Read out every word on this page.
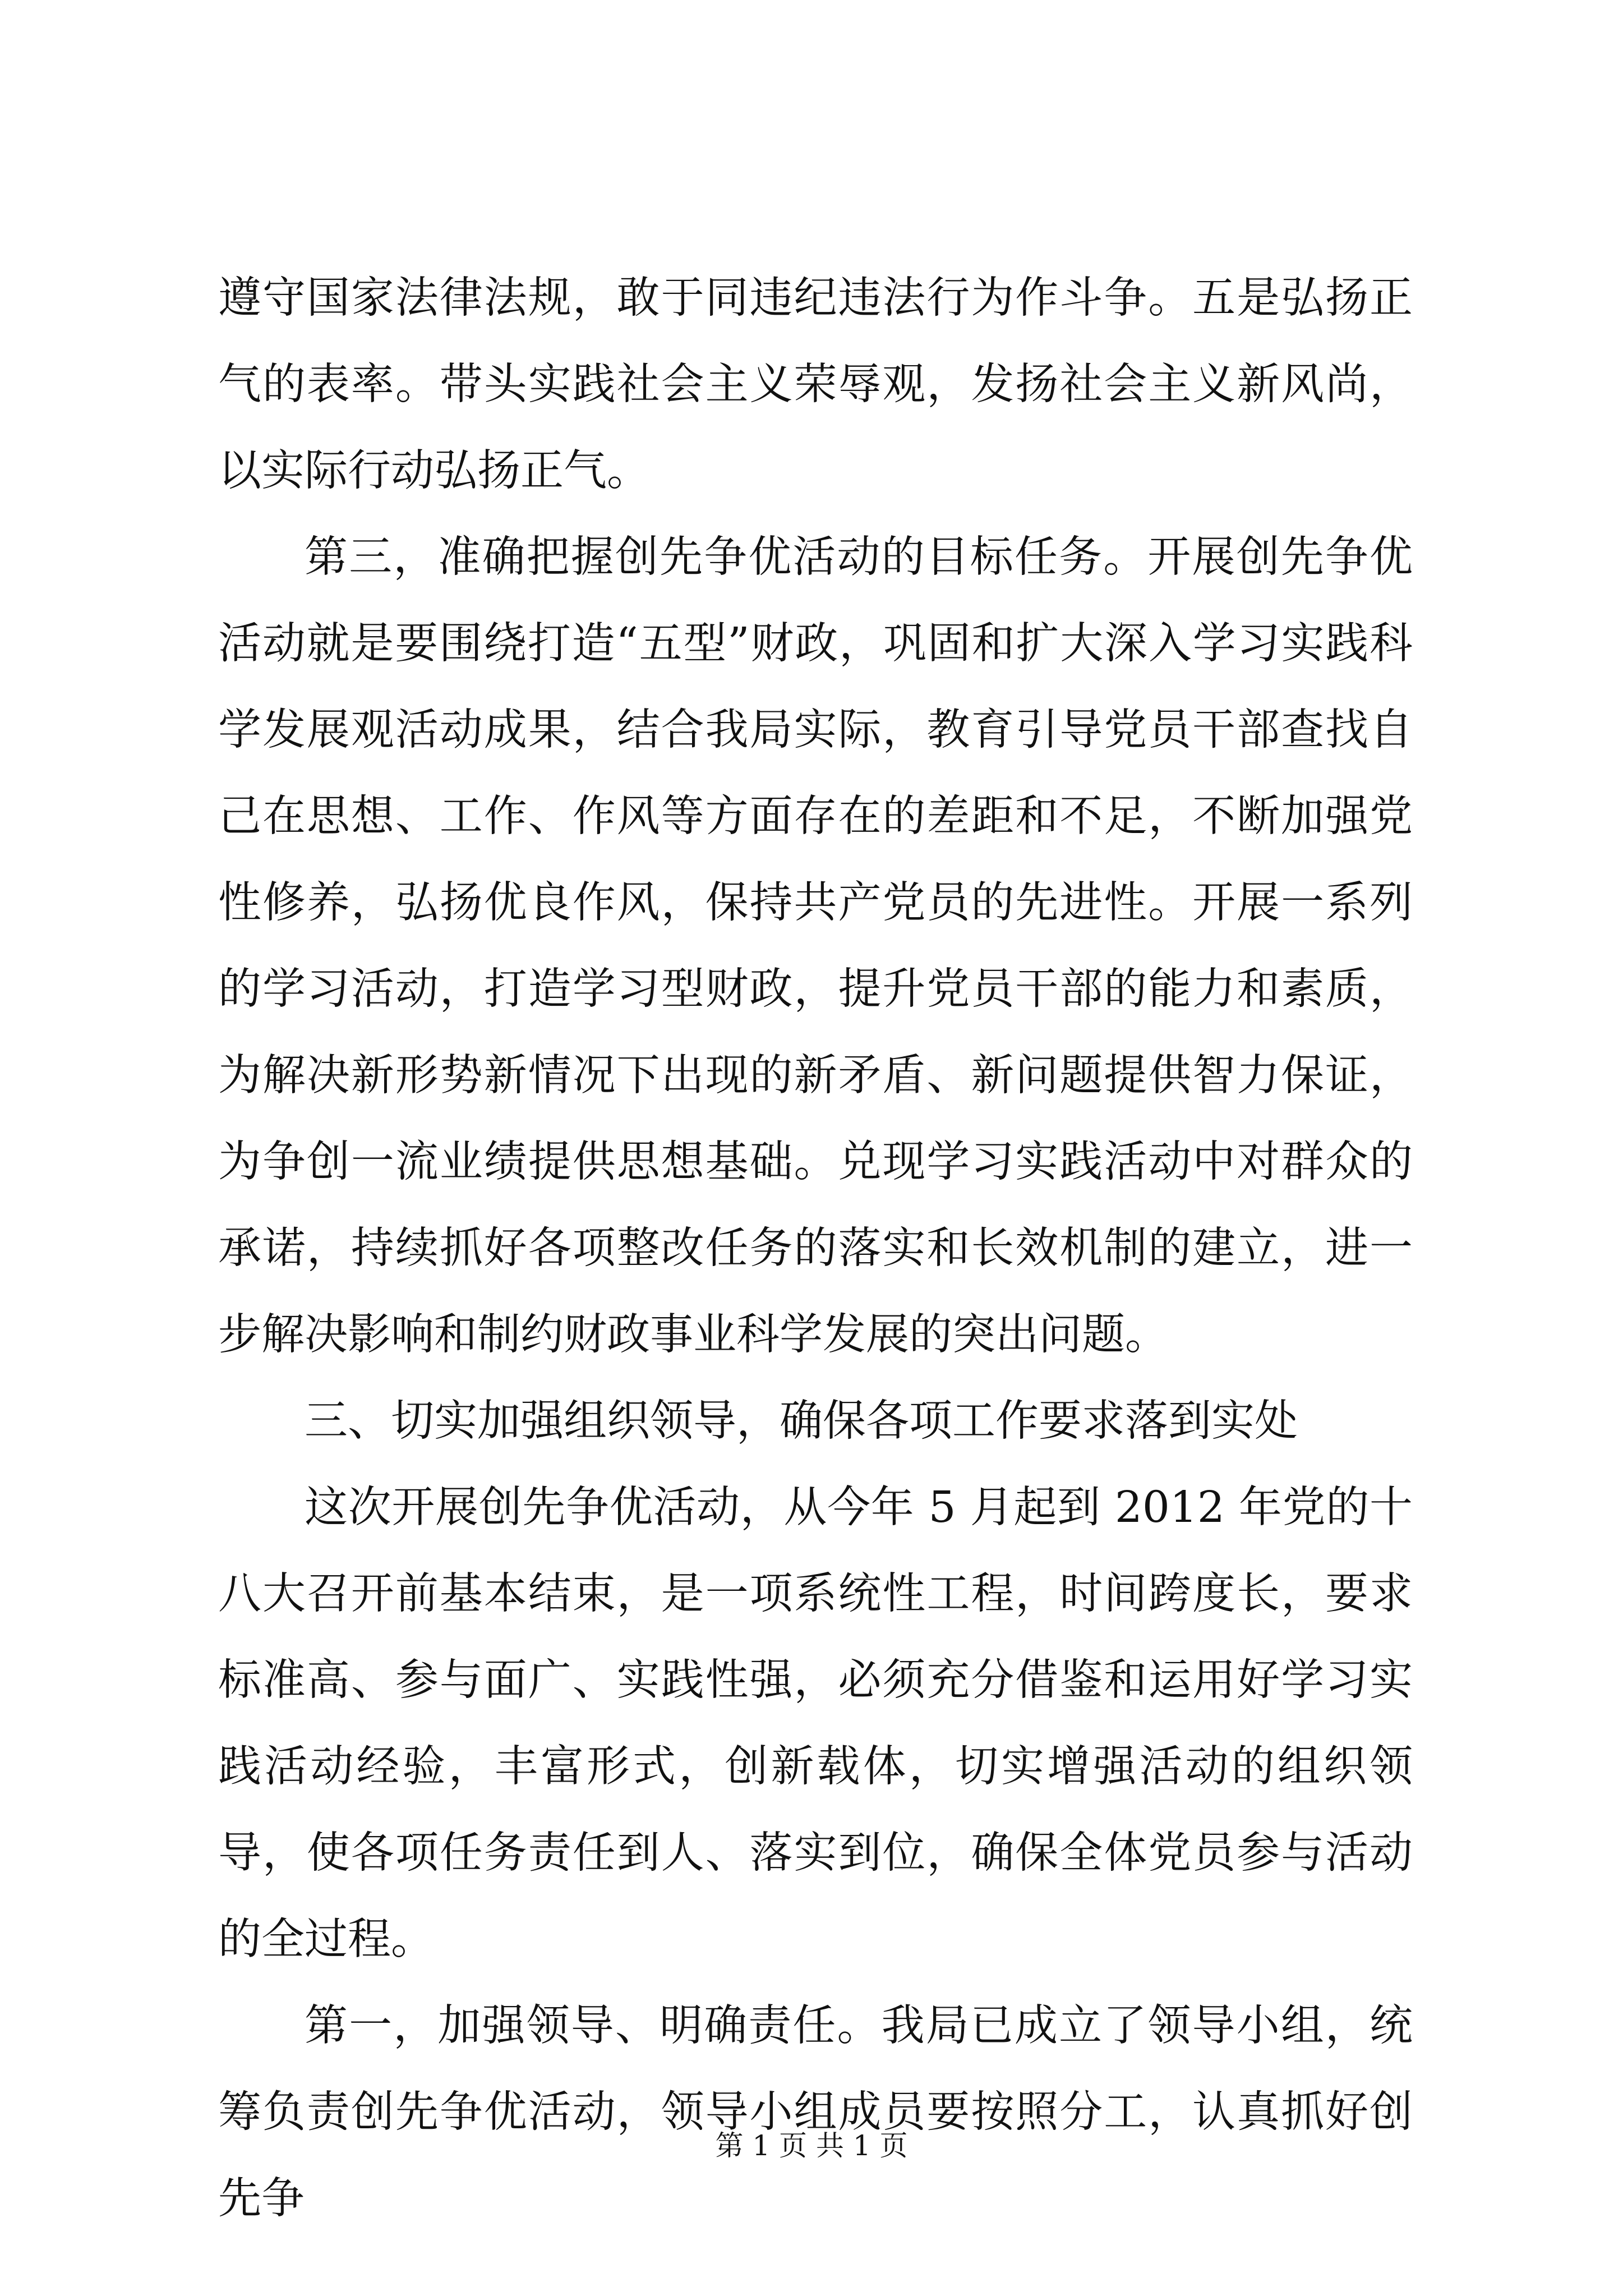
遵守国家法律法规，敢于同违纪违法行为作斗争。五是弘扬正气的表率。带头实践社会主义荣辱观，发扬社会主义新风尚，以实际行动弘扬正气。

第三，准确把握创先争优活动的目标任务。开展创先争优活动就是要围绕打造“五型”财政，巩固和扩大深入学习实践科学发展观活动成果，结合我局实际，教育引导党员干部查找自己在思想、工作、作风等方面存在的差距和不足，不断加强党性修养，弘扬优良作风，保持共产党员的先进性。开展一系列的学习活动，打造学习型财政，提升党员干部的能力和素质，为解决新形势新情况下出现的新矛盾、新问题提供智力保证，为争创一流业绩提供思想基础。兑现学习实践活动中对群众的承诺，持续抓好各项整改任务的落实和长效机制的建立，进一步解决影响和制约财政事业科学发展的突出问题。

三、切实加强组织领导，确保各项工作要求落到实处

这次开展创先争优活动，从今年 5 月起到 2012 年党的十八大召开前基本结束，是一项系统性工程，时间跨度长，要求标准高、参与面广、实践性强，必须充分借鉴和运用好学习实践活动经验，丰富形式，创新载体，切实增强活动的组织领导，使各项任务责任到人、落实到位，确保全体党员参与活动的全过程。

第一，加强领导、明确责任。我局已成立了领导小组，统筹负责创先争优活动，领导小组成员要按照分工，认真抓好创先争

第 1 页 共 1 页
